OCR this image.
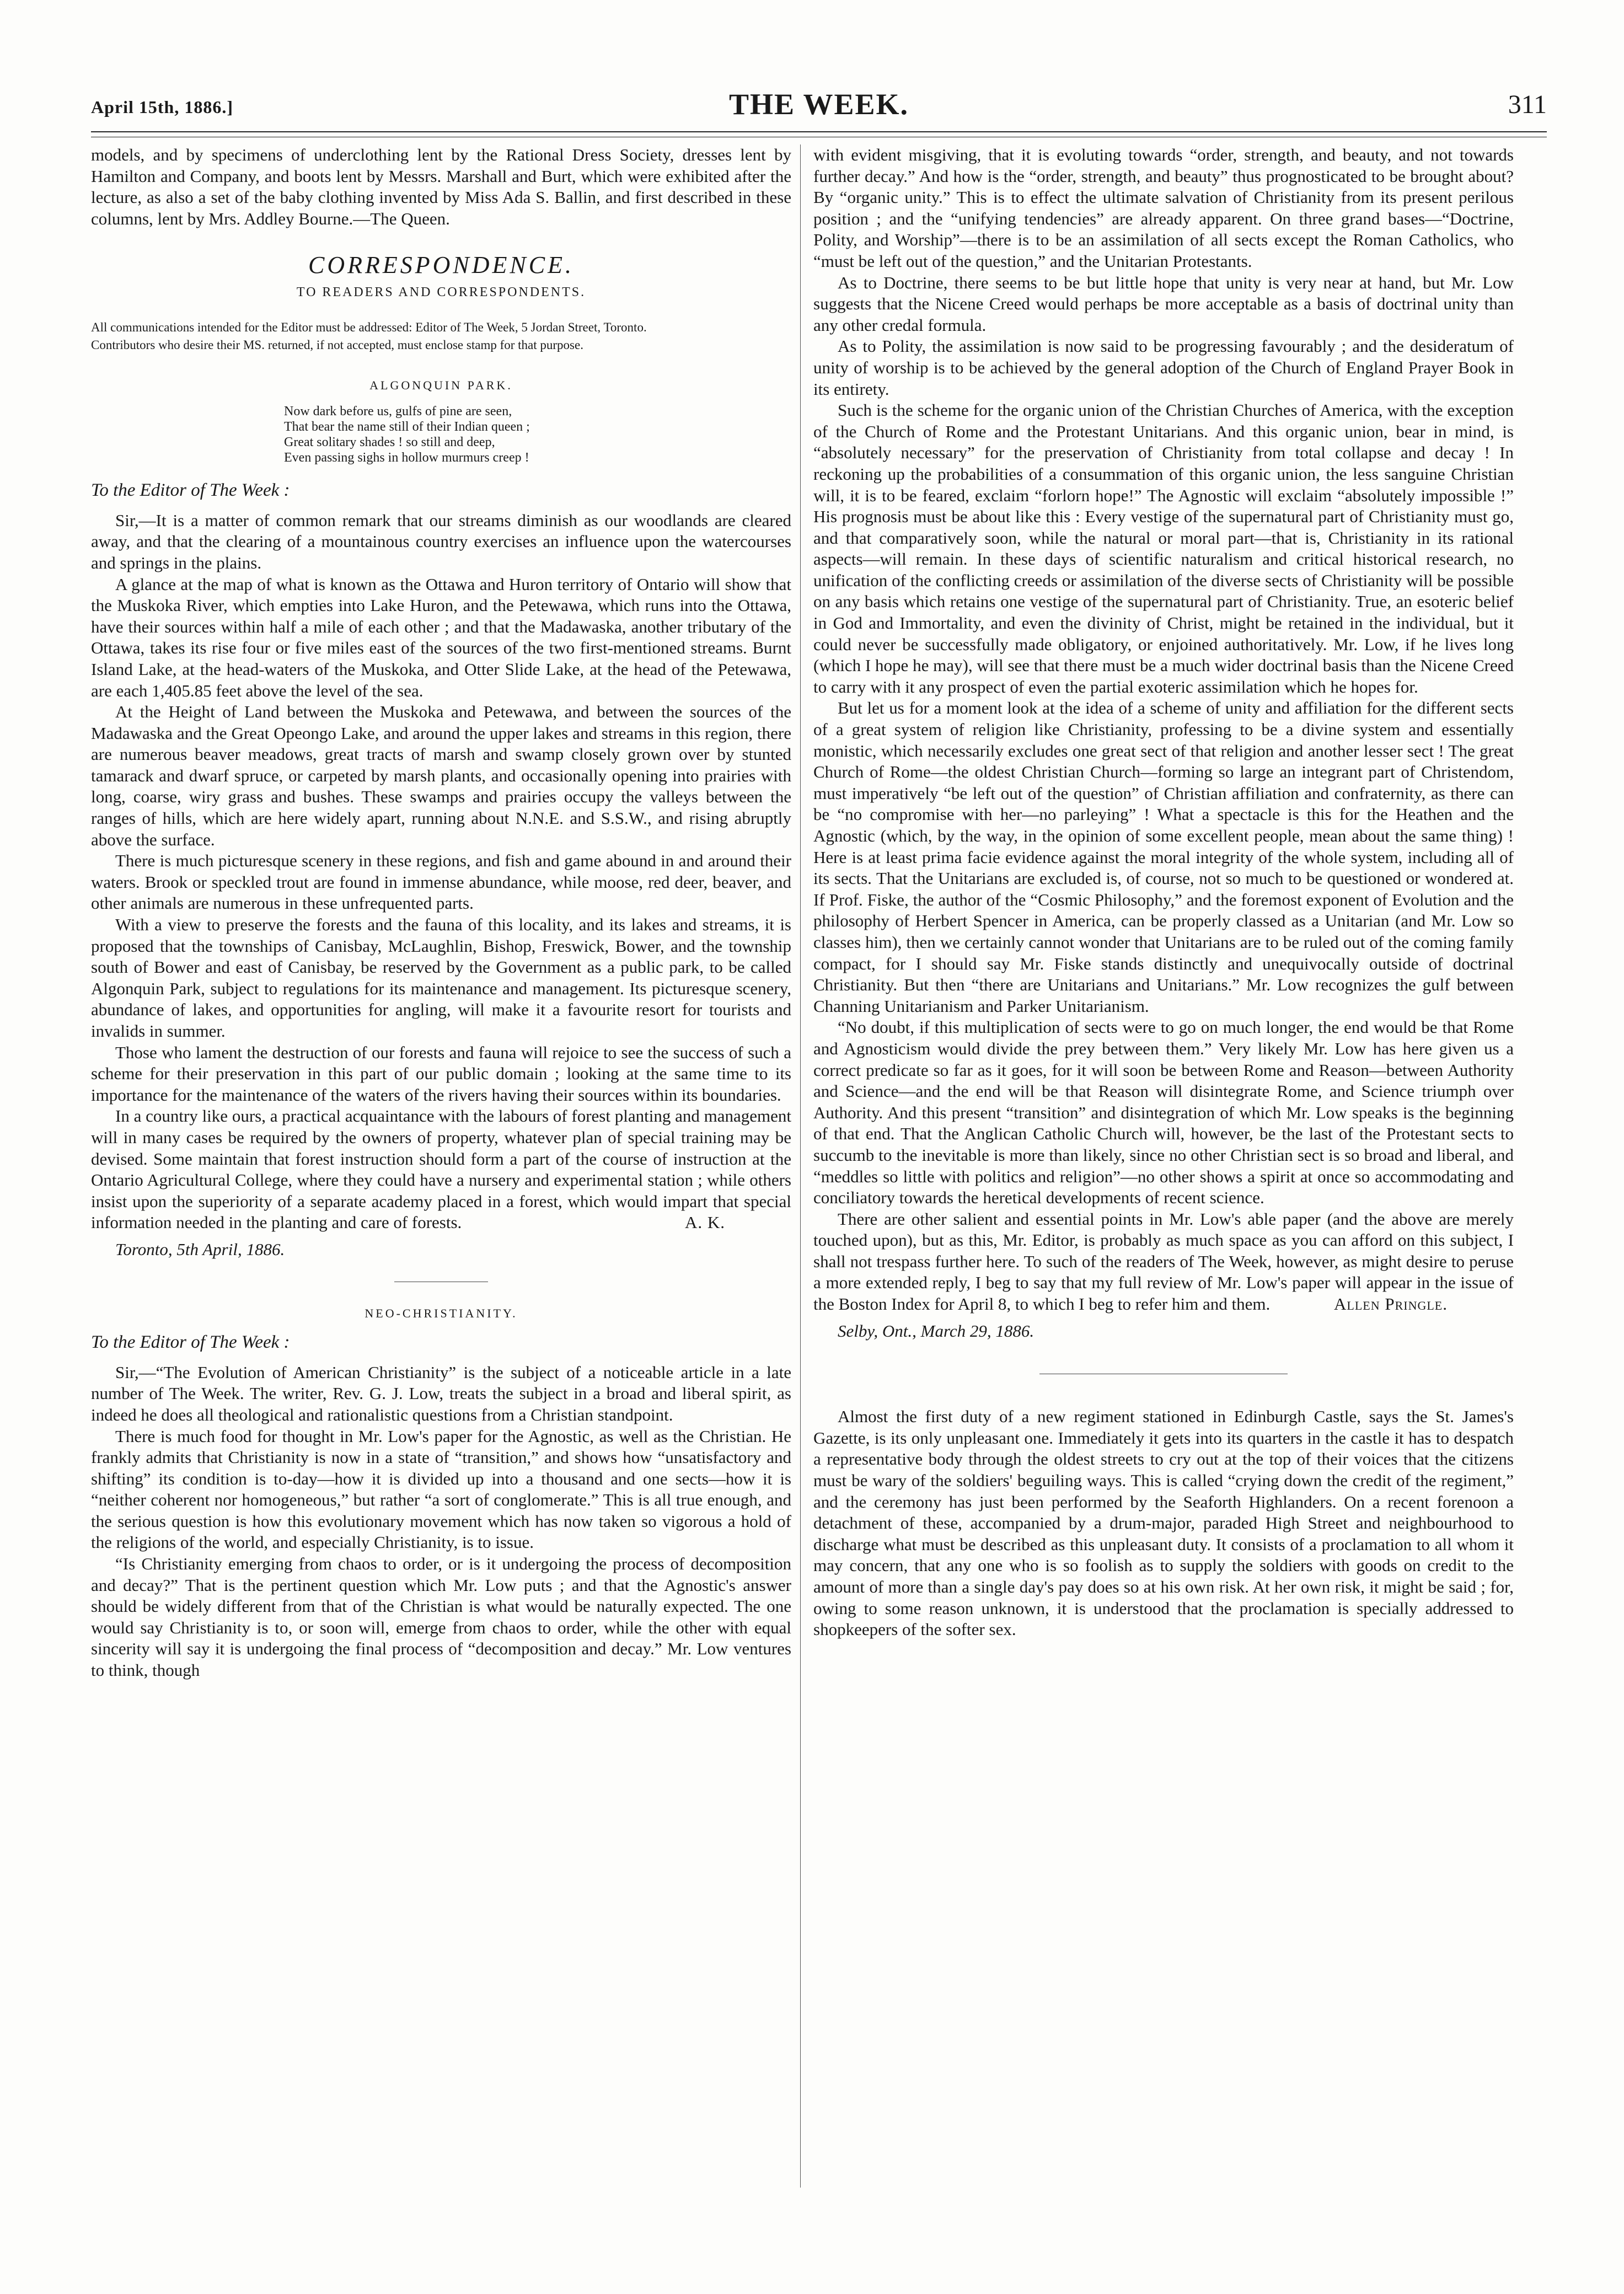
April 15th, 1886.]	THE WEEK.	311

models, and by specimens of underclothing lent by the Rational Dress Society, dresses lent by Hamilton and Company, and boots lent by Messrs. Marshall and Burt, which were exhibited after the lecture, as also a set of the baby clothing invented by Miss Ada S. Ballin, and first described in these columns, lent by Mrs. Addley Bourne.—The Queen.

CORRESPONDENCE.
TO READERS AND CORRESPONDENTS.

All communications intended for the Editor must be addressed: Editor of The Week, 5 Jordan Street, Toronto.

Contributors who desire their MS. returned, if not accepted, must enclose stamp for that purpose.

ALGONQUIN PARK.
Now dark before us, gulfs of pine are seen,
That bear the name still of their Indian queen ;
Great solitary shades ! so still and deep,
Even passing sighs in hollow murmurs creep !

To the Editor of The Week :

Sir,—It is a matter of common remark that our streams diminish as our woodlands are cleared away, and that the clearing of a mountainous country exercises an influence upon the watercourses and springs in the plains.

A glance at the map of what is known as the Ottawa and Huron territory of Ontario will show that the Muskoka River, which empties into Lake Huron, and the Petewawa, which runs into the Ottawa, have their sources within half a mile of each other ; and that the Madawaska, another tributary of the Ottawa, takes its rise four or five miles east of the sources of the two first-mentioned streams. Burnt Island Lake, at the head-waters of the Muskoka, and Otter Slide Lake, at the head of the Petewawa, are each 1,405.85 feet above the level of the sea.

At the Height of Land between the Muskoka and Petewawa, and between the sources of the Madawaska and the Great Opeongo Lake, and around the upper lakes and streams in this region, there are numerous beaver meadows, great tracts of marsh and swamp closely grown over by stunted tamarack and dwarf spruce, or carpeted by marsh plants, and occasionally opening into prairies with long, coarse, wiry grass and bushes. These swamps and prairies occupy the valleys between the ranges of hills, which are here widely apart, running about N.N.E. and S.S.W., and rising abruptly above the surface.

There is much picturesque scenery in these regions, and fish and game abound in and around their waters. Brook or speckled trout are found in immense abundance, while moose, red deer, beaver, and other animals are numerous in these unfrequented parts.

With a view to preserve the forests and the fauna of this locality, and its lakes and streams, it is proposed that the townships of Canisbay, McLaughlin, Bishop, Freswick, Bower, and the township south of Bower and east of Canisbay, be reserved by the Government as a public park, to be called Algonquin Park, subject to regulations for its maintenance and management. Its picturesque scenery, abundance of lakes, and opportunities for angling, will make it a favourite resort for tourists and invalids in summer.

Those who lament the destruction of our forests and fauna will rejoice to see the success of such a scheme for their preservation in this part of our public domain ; looking at the same time to its importance for the maintenance of the waters of the rivers having their sources within its boundaries.

In a country like ours, a practical acquaintance with the labours of forest planting and management will in many cases be required by the owners of property, whatever plan of special training may be devised. Some maintain that forest instruction should form a part of the course of instruction at the Ontario Agricultural College, where they could have a nursery and experimental station ; while others insist upon the superiority of a separate academy placed in a forest, which would impart that special information needed in the planting and care of forests.	A. K.

Toronto, 5th April, 1886.

NEO-CHRISTIANITY.

To the Editor of The Week :

Sir,—“The Evolution of American Christianity” is the subject of a noticeable article in a late number of The Week. The writer, Rev. G. J. Low, treats the subject in a broad and liberal spirit, as indeed he does all theological and rationalistic questions from a Christian standpoint.

There is much food for thought in Mr. Low's paper for the Agnostic, as well as the Christian. He frankly admits that Christianity is now in a state of “transition,” and shows how “unsatisfactory and shifting” its condition is to-day—how it is divided up into a thousand and one sects—how it is “neither coherent nor homogeneous,” but rather “a sort of conglomerate.” This is all true enough, and the serious question is how this evolutionary movement which has now taken so vigorous a hold of the religions of the world, and especially Christianity, is to issue.

“Is Christianity emerging from chaos to order, or is it undergoing the process of decomposition and decay?” That is the pertinent question which Mr. Low puts ; and that the Agnostic's answer should be widely different from that of the Christian is what would be naturally expected. The one would say Christianity is to, or soon will, emerge from chaos to order, while the other with equal sincerity will say it is undergoing the final process of “decomposition and decay.” Mr. Low ventures to think, though

with evident misgiving, that it is evoluting towards “order, strength, and beauty, and not towards further decay.” And how is the “order, strength, and beauty” thus prognosticated to be brought about? By “organic unity.” This is to effect the ultimate salvation of Christianity from its present perilous position ; and the “unifying tendencies” are already apparent. On three grand bases—“Doctrine, Polity, and Worship”—there is to be an assimilation of all sects except the Roman Catholics, who “must be left out of the question,” and the Unitarian Protestants.

As to Doctrine, there seems to be but little hope that unity is very near at hand, but Mr. Low suggests that the Nicene Creed would perhaps be more acceptable as a basis of doctrinal unity than any other credal formula.

As to Polity, the assimilation is now said to be progressing favourably ; and the desideratum of unity of worship is to be achieved by the general adoption of the Church of England Prayer Book in its entirety.

Such is the scheme for the organic union of the Christian Churches of America, with the exception of the Church of Rome and the Protestant Unitarians. And this organic union, bear in mind, is “absolutely necessary” for the preservation of Christianity from total collapse and decay ! In reckoning up the probabilities of a consummation of this organic union, the less sanguine Christian will, it is to be feared, exclaim “forlorn hope!” The Agnostic will exclaim “absolutely impossible !” His prognosis must be about like this : Every vestige of the supernatural part of Christianity must go, and that comparatively soon, while the natural or moral part—that is, Christianity in its rational aspects—will remain. In these days of scientific naturalism and critical historical research, no unification of the conflicting creeds or assimilation of the diverse sects of Christianity will be possible on any basis which retains one vestige of the supernatural part of Christianity. True, an esoteric belief in God and Immortality, and even the divinity of Christ, might be retained in the individual, but it could never be successfully made obligatory, or enjoined authoritatively. Mr. Low, if he lives long (which I hope he may), will see that there must be a much wider doctrinal basis than the Nicene Creed to carry with it any prospect of even the partial exoteric assimilation which he hopes for.

But let us for a moment look at the idea of a scheme of unity and affiliation for the different sects of a great system of religion like Christianity, professing to be a divine system and essentially monistic, which necessarily excludes one great sect of that religion and another lesser sect ! The great Church of Rome—the oldest Christian Church—forming so large an integrant part of Christendom, must imperatively “be left out of the question” of Christian affiliation and confraternity, as there can be “no compromise with her—no parleying” ! What a spectacle is this for the Heathen and the Agnostic (which, by the way, in the opinion of some excellent people, mean about the same thing) ! Here is at least prima facie evidence against the moral integrity of the whole system, including all of its sects. That the Unitarians are excluded is, of course, not so much to be questioned or wondered at. If Prof. Fiske, the author of the “Cosmic Philosophy,” and the foremost exponent of Evolution and the philosophy of Herbert Spencer in America, can be properly classed as a Unitarian (and Mr. Low so classes him), then we certainly cannot wonder that Unitarians are to be ruled out of the coming family compact, for I should say Mr. Fiske stands distinctly and unequivocally outside of doctrinal Christianity. But then “there are Unitarians and Unitarians.” Mr. Low recognizes the gulf between Channing Unitarianism and Parker Unitarianism.

“No doubt, if this multiplication of sects were to go on much longer, the end would be that Rome and Agnosticism would divide the prey between them.” Very likely Mr. Low has here given us a correct predicate so far as it goes, for it will soon be between Rome and Reason—between Authority and Science—and the end will be that Reason will disintegrate Rome, and Science triumph over Authority. And this present “transition” and disintegration of which Mr. Low speaks is the beginning of that end. That the Anglican Catholic Church will, however, be the last of the Protestant sects to succumb to the inevitable is more than likely, since no other Christian sect is so broad and liberal, and “meddles so little with politics and religion”—no other shows a spirit at once so accommodating and conciliatory towards the heretical developments of recent science.

There are other salient and essential points in Mr. Low's able paper (and the above are merely touched upon), but as this, Mr. Editor, is probably as much space as you can afford on this subject, I shall not trespass further here. To such of the readers of The Week, however, as might desire to peruse a more extended reply, I beg to say that my full review of Mr. Low's paper will appear in the issue of the Boston Index for April 8, to which I beg to refer him and them.	Allen Pringle.

Selby, Ont., March 29, 1886.

Almost the first duty of a new regiment stationed in Edinburgh Castle, says the St. James's Gazette, is its only unpleasant one. Immediately it gets into its quarters in the castle it has to despatch a representative body through the oldest streets to cry out at the top of their voices that the citizens must be wary of the soldiers' beguiling ways. This is called “crying down the credit of the regiment,” and the ceremony has just been performed by the Seaforth Highlanders. On a recent forenoon a detachment of these, accompanied by a drum-major, paraded High Street and neighbourhood to discharge what must be described as this unpleasant duty. It consists of a proclamation to all whom it may concern, that any one who is so foolish as to supply the soldiers with goods on credit to the amount of more than a single day's pay does so at his own risk. At her own risk, it might be said ; for, owing to some reason unknown, it is understood that the proclamation is specially addressed to shopkeepers of the softer sex.
